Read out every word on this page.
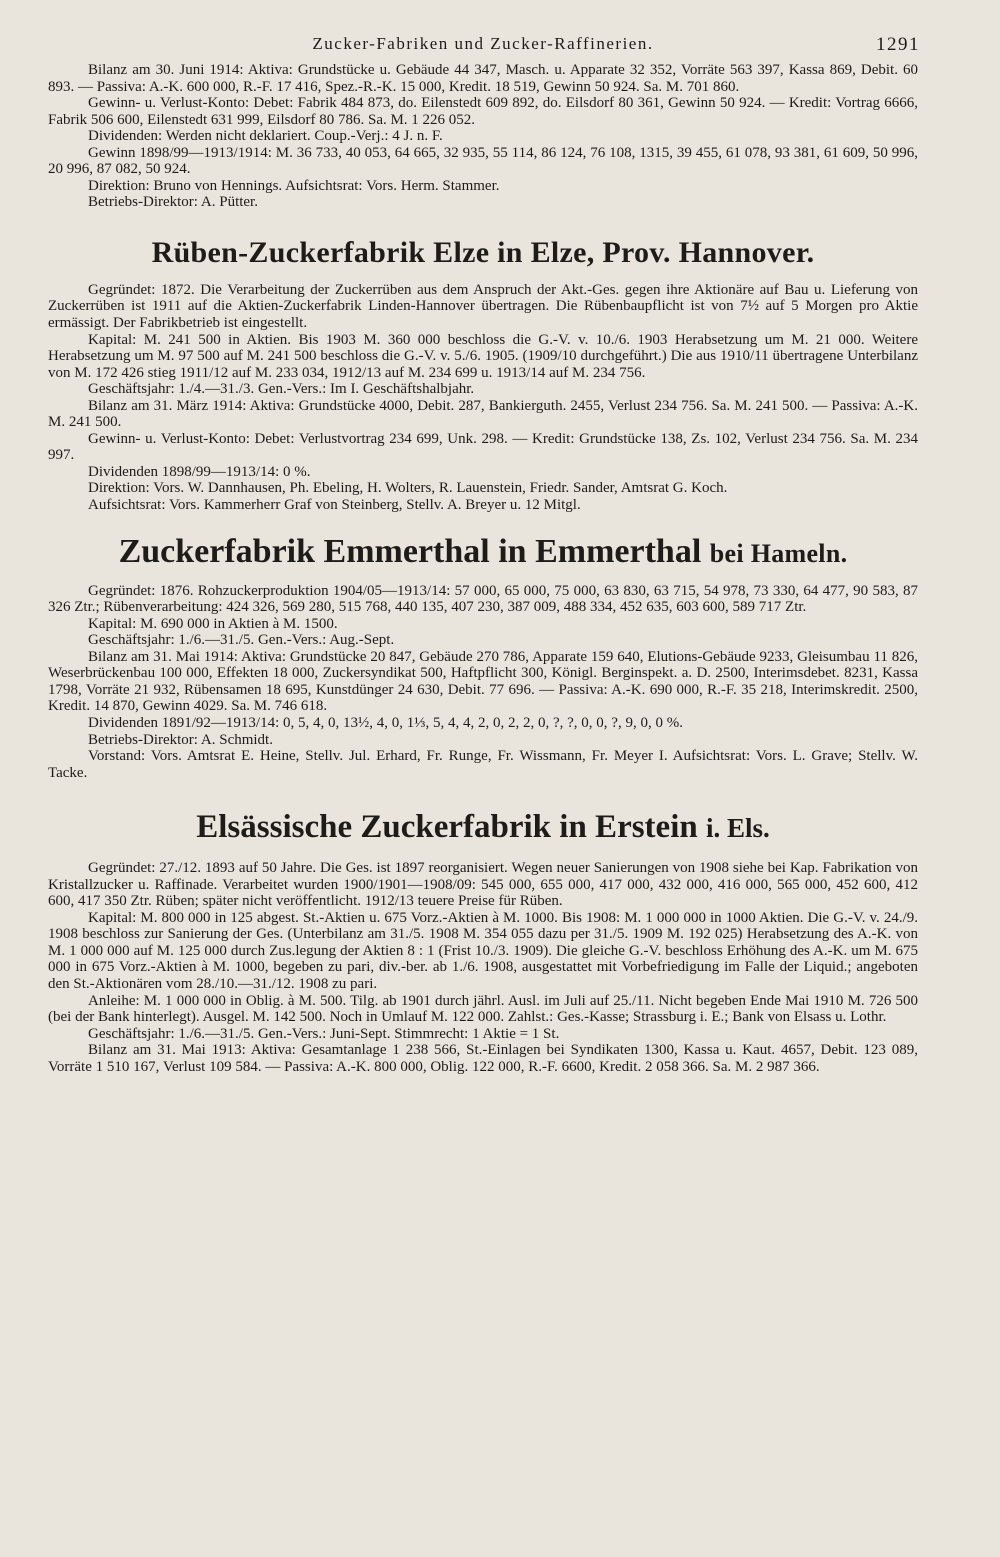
Zucker-Fabriken und Zucker-Raffinerien.	1291

Bilanz am 30. Juni 1914: Aktiva: Grundstücke u. Gebäude 44 347, Masch. u. Apparate 32 352, Vorräte 563 397, Kassa 869, Debit. 60 893. — Passiva: A.-K. 600 000, R.-F. 17 416, Spez.-R.-K. 15 000, Kredit. 18 519, Gewinn 50 924. Sa. M. 701 860.

Gewinn- u. Verlust-Konto: Debet: Fabrik 484 873, do. Eilenstedt 609 892, do. Eilsdorf 80 361, Gewinn 50 924. — Kredit: Vortrag 6666, Fabrik 506 600, Eilenstedt 631 999, Eilsdorf 80 786. Sa. M. 1 226 052.

Dividenden: Werden nicht deklariert. Coup.-Verj.: 4 J. n. F.

Gewinn 1898/99—1913/1914: M. 36 733, 40 053, 64 665, 32 935, 55 114, 86 124, 76 108, 1315, 39 455, 61 078, 93 381, 61 609, 50 996, 20 996, 87 082, 50 924.

Direktion: Bruno von Hennings. Aufsichtsrat: Vors. Herm. Stammer.

Betriebs-Direktor: A. Pütter.

Rüben-Zuckerfabrik Elze in Elze, Prov. Hannover.

Gegründet: 1872. Die Verarbeitung der Zuckerrüben aus dem Anspruch der Akt.-Ges. gegen ihre Aktionäre auf Bau u. Lieferung von Zuckerrüben ist 1911 auf die Aktien-Zuckerfabrik Linden-Hannover übertragen. Die Rübenbaupflicht ist von 7½ auf 5 Morgen pro Aktie ermässigt. Der Fabrikbetrieb ist eingestellt.

Kapital: M. 241 500 in Aktien. Bis 1903 M. 360 000 beschloss die G.-V. v. 10./6. 1903 Herabsetzung um M. 21 000. Weitere Herabsetzung um M. 97 500 auf M. 241 500 beschloss die G.-V. v. 5./6. 1905. (1909/10 durchgeführt.) Die aus 1910/11 übertragene Unterbilanz von M. 172 426 stieg 1911/12 auf M. 233 034, 1912/13 auf M. 234 699 u. 1913/14 auf M. 234 756.

Geschäftsjahr: 1./4.—31./3. Gen.-Vers.: Im I. Geschäftshalbjahr.

Bilanz am 31. März 1914: Aktiva: Grundstücke 4000, Debit. 287, Bankierguth. 2455, Verlust 234 756. Sa. M. 241 500. — Passiva: A.-K. M. 241 500.

Gewinn- u. Verlust-Konto: Debet: Verlustvortrag 234 699, Unk. 298. — Kredit: Grundstücke 138, Zs. 102, Verlust 234 756. Sa. M. 234 997.

Dividenden 1898/99—1913/14: 0 %.

Direktion: Vors. W. Dannhausen, Ph. Ebeling, H. Wolters, R. Lauenstein, Friedr. Sander, Amtsrat G. Koch.

Aufsichtsrat: Vors. Kammerherr Graf von Steinberg, Stellv. A. Breyer u. 12 Mitgl.

Zuckerfabrik Emmerthal in Emmerthal bei Hameln.

Gegründet: 1876. Rohzuckerproduktion 1904/05—1913/14: 57 000, 65 000, 75 000, 63 830, 63 715, 54 978, 73 330, 64 477, 90 583, 87 326 Ztr.; Rübenverarbeitung: 424 326, 569 280, 515 768, 440 135, 407 230, 387 009, 488 334, 452 635, 603 600, 589 717 Ztr.

Kapital: M. 690 000 in Aktien à M. 1500.

Geschäftsjahr: 1./6.—31./5. Gen.-Vers.: Aug.-Sept.

Bilanz am 31. Mai 1914: Aktiva: Grundstücke 20 847, Gebäude 270 786, Apparate 159 640, Elutions-Gebäude 9233, Gleisumbau 11 826, Weserbrückenbau 100 000, Effekten 18 000, Zuckersyndikat 500, Haftpflicht 300, Königl. Berginspekt. a. D. 2500, Interimsdebet. 8231, Kassa 1798, Vorräte 21 932, Rübensamen 18 695, Kunstdünger 24 630, Debit. 77 696. — Passiva: A.-K. 690 000, R.-F. 35 218, Interimskredit. 2500, Kredit. 14 870, Gewinn 4029. Sa. M. 746 618.

Dividenden 1891/92—1913/14: 0, 5, 4, 0, 13½, 4, 0, 1⅓, 5, 4, 4, 2, 0, 2, 2, 0, ?, ?, 0, 0, ?, 9, 0, 0 %.

Betriebs-Direktor: A. Schmidt.

Vorstand: Vors. Amtsrat E. Heine, Stellv. Jul. Erhard, Fr. Runge, Fr. Wissmann, Fr. Meyer I. Aufsichtsrat: Vors. L. Grave; Stellv. W. Tacke.

Elsässische Zuckerfabrik in Erstein i. Els.

Gegründet: 27./12. 1893 auf 50 Jahre. Die Ges. ist 1897 reorganisiert. Wegen neuer Sanierungen von 1908 siehe bei Kap. Fabrikation von Kristallzucker u. Raffinade. Verarbeitet wurden 1900/1901—1908/09: 545 000, 655 000, 417 000, 432 000, 416 000, 565 000, 452 600, 412 600, 417 350 Ztr. Rüben; später nicht veröffentlicht. 1912/13 teuere Preise für Rüben.

Kapital: M. 800 000 in 125 abgest. St.-Aktien u. 675 Vorz.-Aktien à M. 1000. Bis 1908: M. 1 000 000 in 1000 Aktien. Die G.-V. v. 24./9. 1908 beschloss zur Sanierung der Ges. (Unterbilanz am 31./5. 1908 M. 354 055 dazu per 31./5. 1909 M. 192 025) Herabsetzung des A.-K. von M. 1 000 000 auf M. 125 000 durch Zus.legung der Aktien 8 : 1 (Frist 10./3. 1909). Die gleiche G.-V. beschloss Erhöhung des A.-K. um M. 675 000 in 675 Vorz.-Aktien à M. 1000, begeben zu pari, div.-ber. ab 1./6. 1908, ausgestattet mit Vorbefriedigung im Falle der Liquid.; angeboten den St.-Aktionären vom 28./10.—31./12. 1908 zu pari.

Anleihe: M. 1 000 000 in Oblig. à M. 500. Tilg. ab 1901 durch jährl. Ausl. im Juli auf 25./11. Nicht begeben Ende Mai 1910 M. 726 500 (bei der Bank hinterlegt). Ausgel. M. 142 500. Noch in Umlauf M. 122 000. Zahlst.: Ges.-Kasse; Strassburg i. E.; Bank von Elsass u. Lothr.

Geschäftsjahr: 1./6.—31./5. Gen.-Vers.: Juni-Sept. Stimmrecht: 1 Aktie = 1 St.

Bilanz am 31. Mai 1913: Aktiva: Gesamtanlage 1 238 566, St.-Einlagen bei Syndikaten 1300, Kassa u. Kaut. 4657, Debit. 123 089, Vorräte 1 510 167, Verlust 109 584. — Passiva: A.-K. 800 000, Oblig. 122 000, R.-F. 6600, Kredit. 2 058 366. Sa. M. 2 987 366.
